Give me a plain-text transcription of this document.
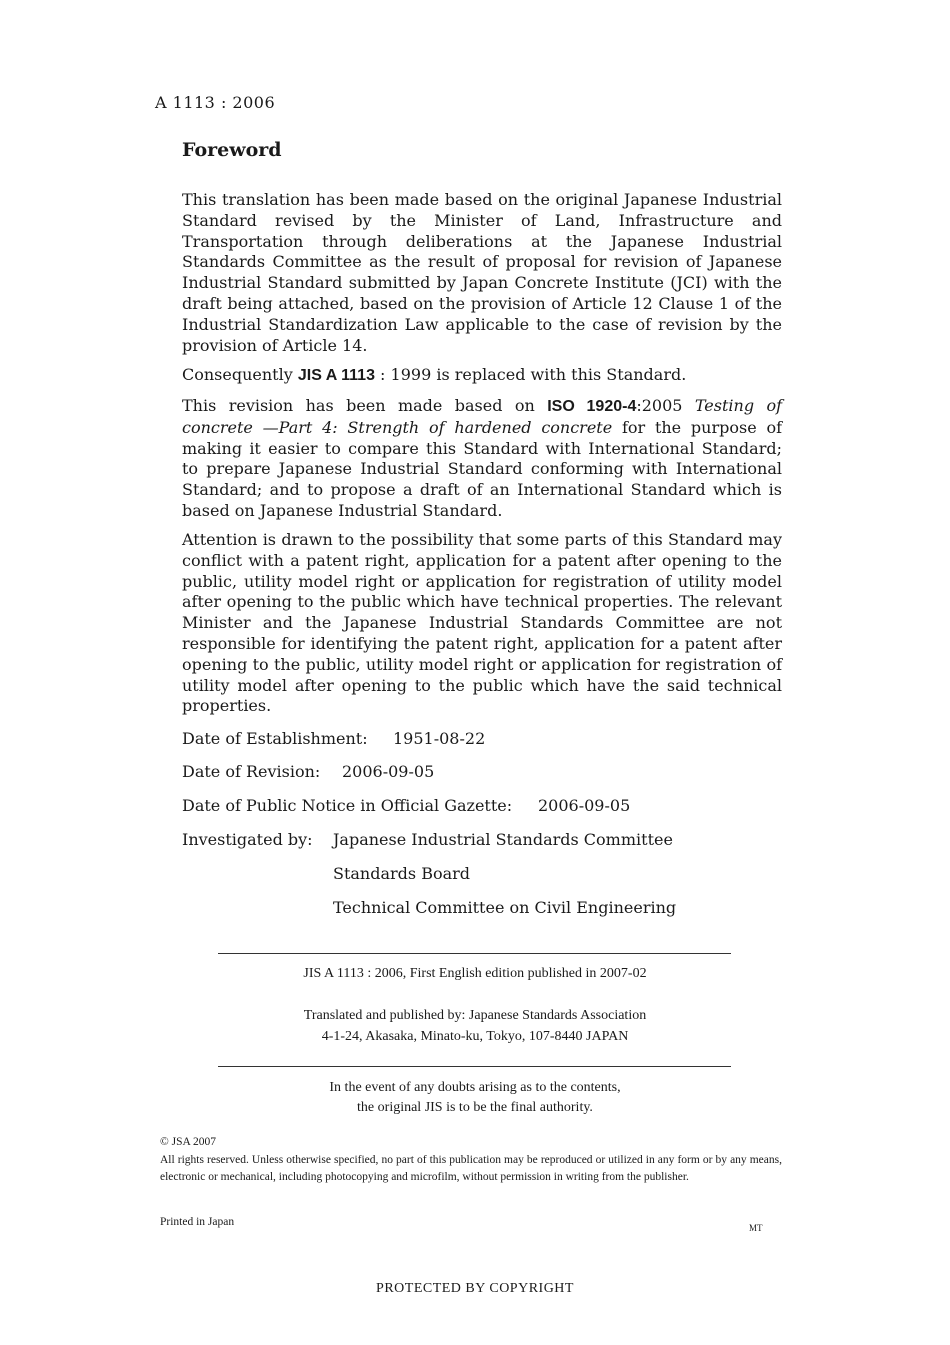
A 1113 : 2006
Foreword
This translation has been made based on the original Japanese Industrial Standard revised by the Minister of Land, Infrastructure and Transportation through deliberations at the Japanese Industrial Standards Committee as the result of proposal for revision of Japanese Industrial Standard submitted by Japan Concrete Institute (JCI) with the draft being attached, based on the provision of Article 12 Clause 1 of the Industrial Standardization Law applicable to the case of revision by the provision of Article 14.
Consequently JIS A 1113 : 1999 is replaced with this Standard.
This revision has been made based on ISO 1920-4:2005 Testing of concrete —Part 4: Strength of hardened concrete for the purpose of making it easier to compare this Standard with International Standard; to prepare Japanese Industrial Standard conforming with International Standard; and to propose a draft of an International Standard which is based on Japanese Industrial Standard.
Attention is drawn to the possibility that some parts of this Standard may conflict with a patent right, application for a patent after opening to the public, utility model right or application for registration of utility model after opening to the public which have technical properties. The relevant Minister and the Japanese Industrial Standards Committee are not responsible for identifying the patent right, application for a patent after opening to the public, utility model right or application for registration of utility model after opening to the public which have the said technical properties.
Date of Establishment: 1951-08-22
Date of Revision: 2006-09-05
Date of Public Notice in Official Gazette: 2006-09-05
Investigated by: Japanese Industrial Standards Committee
Standards Board
Technical Committee on Civil Engineering
JIS A 1113 : 2006, First English edition published in 2007-02
Translated and published by: Japanese Standards Association
4-1-24, Akasaka, Minato-ku, Tokyo, 107-8440 JAPAN
In the event of any doubts arising as to the contents,
the original JIS is to be the final authority.
© JSA 2007
All rights reserved. Unless otherwise specified, no part of this publication may be reproduced or utilized in any form or by any means, electronic or mechanical, including photocopying and microfilm, without permission in writing from the publisher.
Printed in Japan	MT
PROTECTED BY COPYRIGHT
